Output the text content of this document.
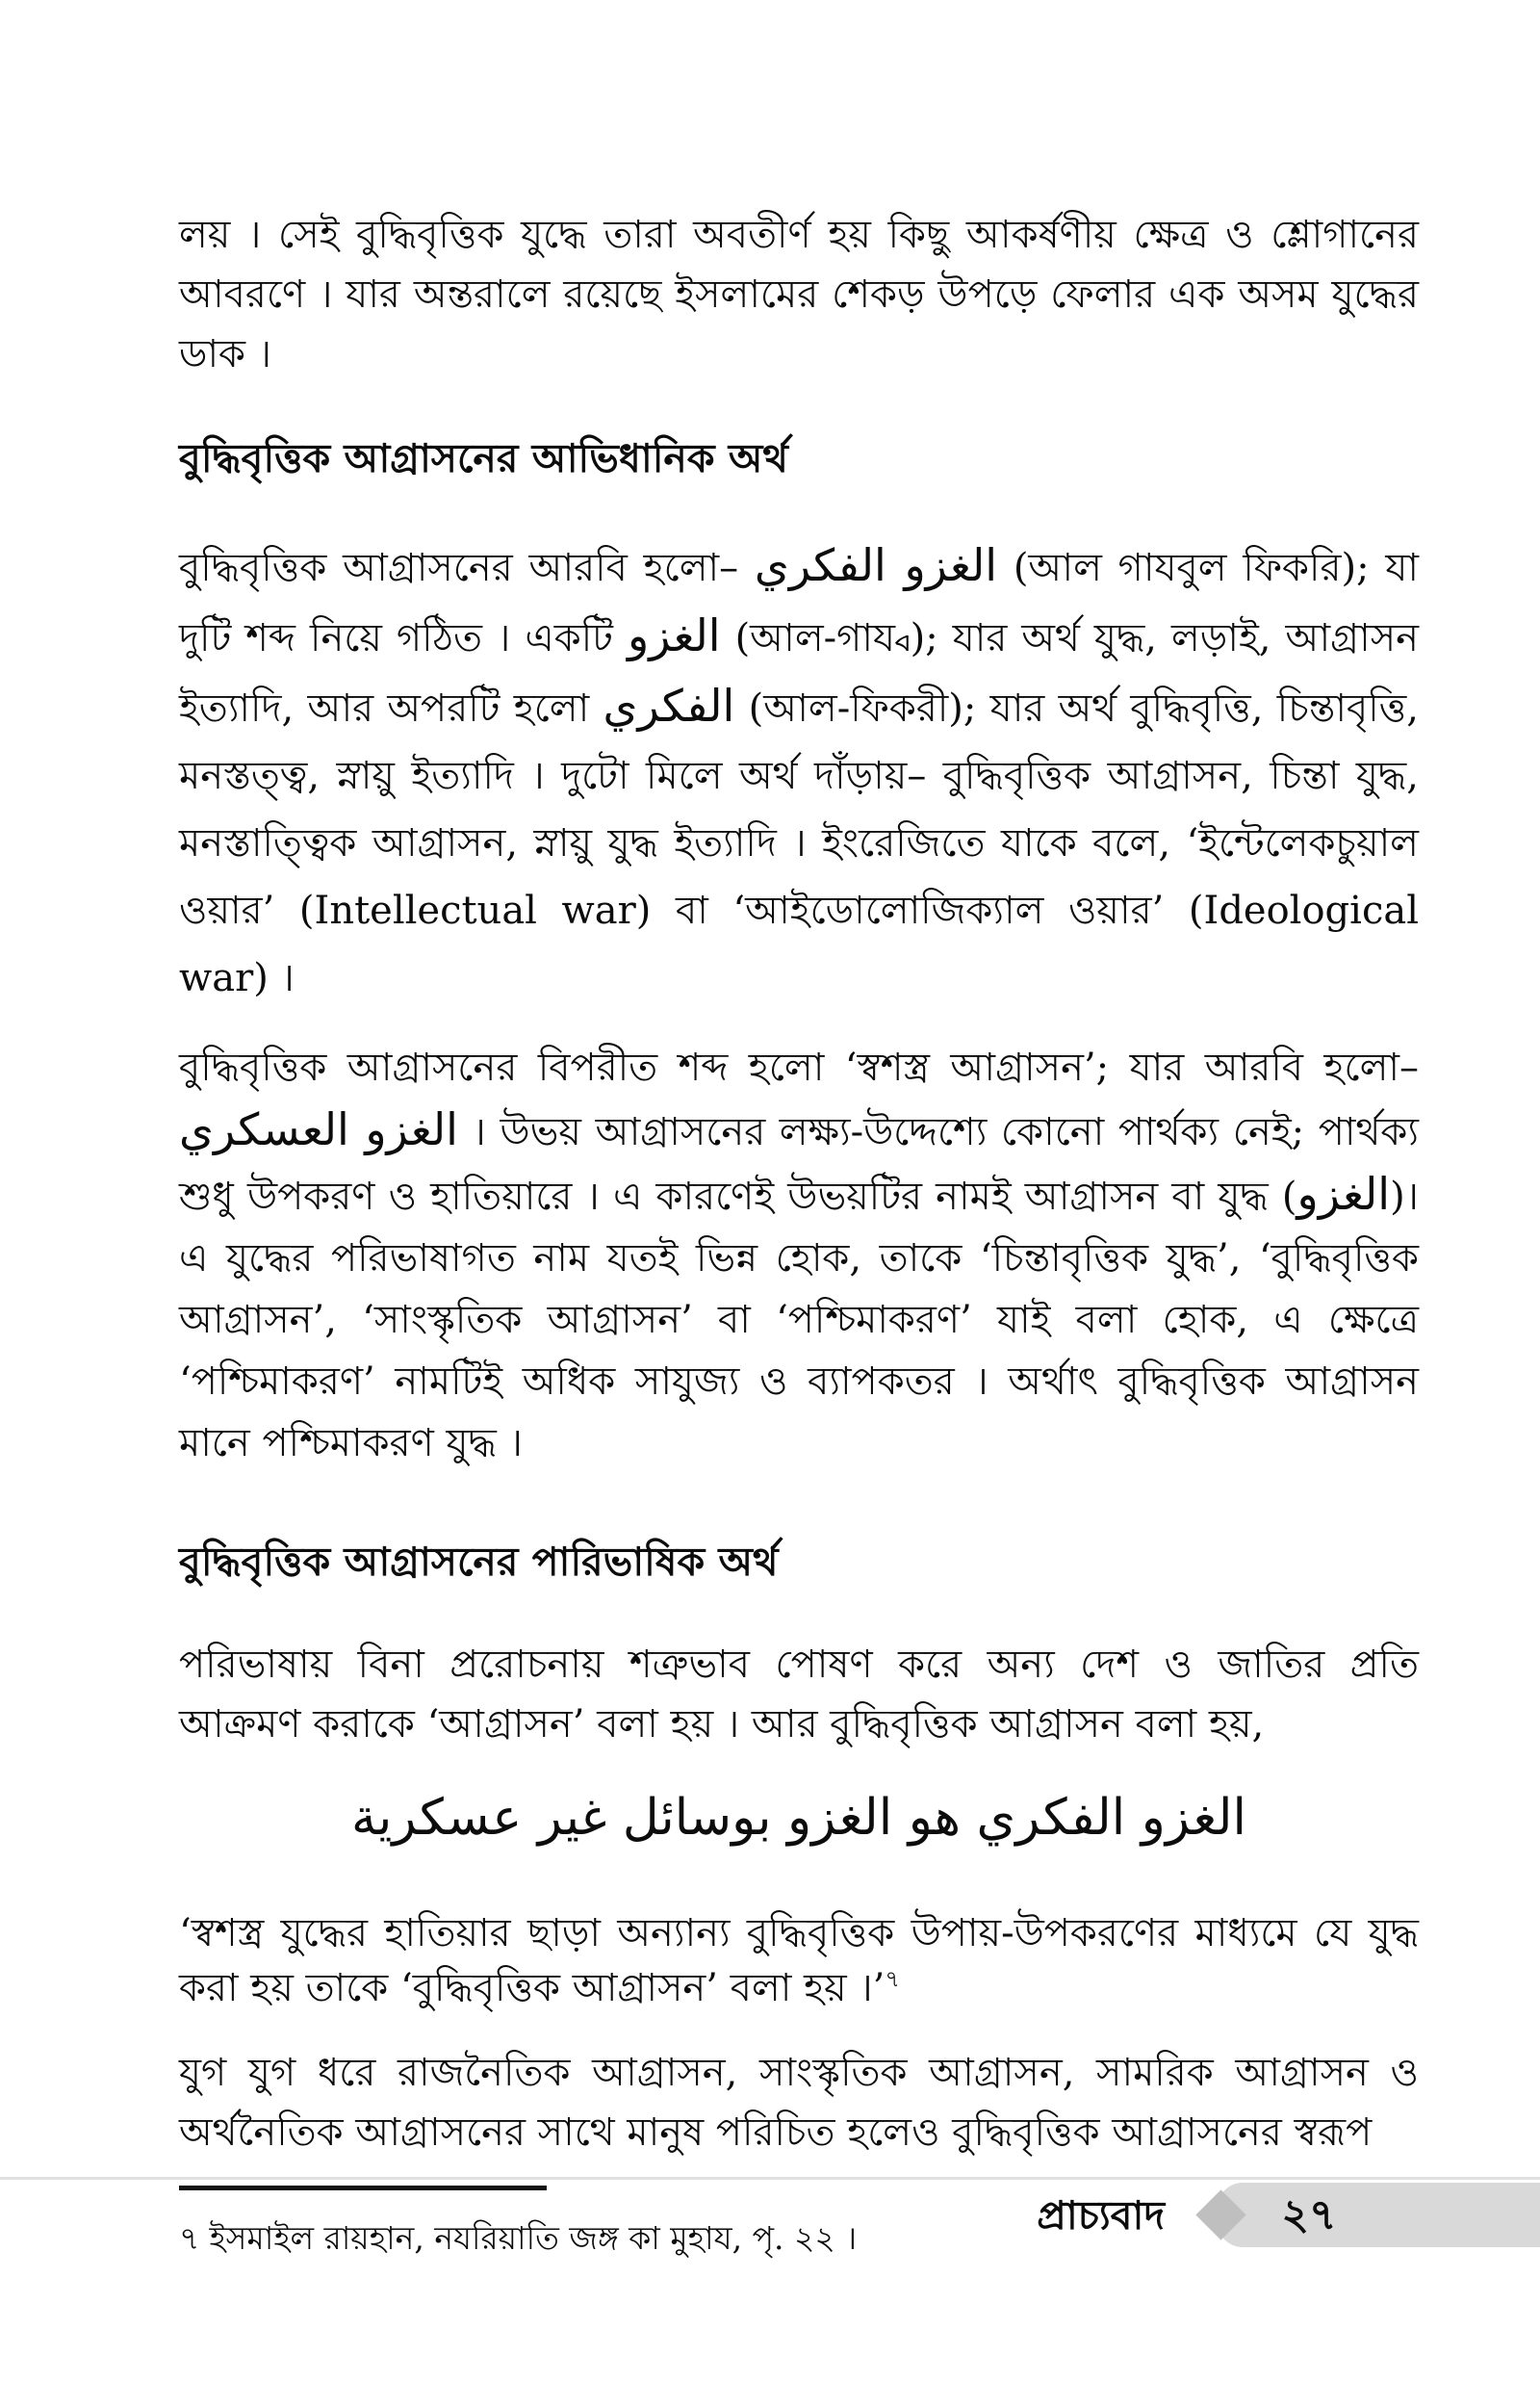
লয় । সেই বুদ্ধিবৃত্তিক যুদ্ধে তারা অবতীর্ণ হয় কিছু আকর্ষণীয় ক্ষেত্র ও শ্লোগানের আবরণে । যার অন্তরালে রয়েছে ইসলামের শেকড় উপড়ে ফেলার এক অসম যুদ্ধের ডাক ।

বুদ্ধিবৃত্তিক আগ্রাসনের আভিধানিক অর্থ

বুদ্ধিবৃত্তিক আগ্রাসনের আরবি হলো– الغزو الفكري (আল গাযবুল ফিকরি); যা দুটি শব্দ নিয়ে গঠিত । একটি الغزو (আল-গায্ব); যার অর্থ যুদ্ধ, লড়াই, আগ্রাসন ইত্যাদি, আর অপরটি হলো الفكري (আল-ফিকরী); যার অর্থ বুদ্ধিবৃত্তি, চিন্তাবৃত্তি, মনস্তত্ত্ব, স্নায়ু ইত্যাদি । দুটো মিলে অর্থ দাঁড়ায়– বুদ্ধিবৃত্তিক আগ্রাসন, চিন্তা যুদ্ধ, মনস্তাত্ত্বিক আগ্রাসন, স্নায়ু যুদ্ধ ইত্যাদি । ইংরেজিতে যাকে বলে, ‘ইন্টেলেকচুয়াল ওয়ার’ (Intellectual war) বা ‘আইডোলোজিক্যাল ওয়ার’ (Ideological war) ।

বুদ্ধিবৃত্তিক আগ্রাসনের বিপরীত শব্দ হলো ‘স্বশস্ত্র আগ্রাসন’; যার আরবি হলো– الغزو العسكري । উভয় আগ্রাসনের লক্ষ্য-উদ্দেশ্যে কোনো পার্থক্য নেই; পার্থক্য শুধু উপকরণ ও হাতিয়ারে । এ কারণেই উভয়টির নামই আগ্রাসন বা যুদ্ধ (الغزو)। এ যুদ্ধের পরিভাষাগত নাম যতই ভিন্ন হোক, তাকে ‘চিন্তাবৃত্তিক যুদ্ধ’, ‘বুদ্ধিবৃত্তিক আগ্রাসন’, ‘সাংস্কৃতিক আগ্রাসন’ বা ‘পশ্চিমাকরণ’ যাই বলা হোক, এ ক্ষেত্রে ‘পশ্চিমাকরণ’ নামটিই অধিক সাযুজ্য ও ব্যাপকতর । অর্থাৎ বুদ্ধিবৃত্তিক আগ্রাসন মানে পশ্চিমাকরণ যুদ্ধ ।

বুদ্ধিবৃত্তিক আগ্রাসনের পারিভাষিক অর্থ

পরিভাষায় বিনা প্ররোচনায় শত্রুভাব পোষণ করে অন্য দেশ ও জাতির প্রতি আক্রমণ করাকে ‘আগ্রাসন’ বলা হয় । আর বুদ্ধিবৃত্তিক আগ্রাসন বলা হয়,

الغزو الفكري هو الغزو بوسائل غير عسكرية

‘স্বশস্ত্র যুদ্ধের হাতিয়ার ছাড়া অন্যান্য বুদ্ধিবৃত্তিক উপায়-উপকরণের মাধ্যমে যে যুদ্ধ করা হয় তাকে ‘বুদ্ধিবৃত্তিক আগ্রাসন’ বলা হয় ।’$^৭$

যুগ যুগ ধরে রাজনৈতিক আগ্রাসন, সাংস্কৃতিক আগ্রাসন, সামরিক আগ্রাসন ও অর্থনৈতিক আগ্রাসনের সাথে মানুষ পরিচিত হলেও বুদ্ধিবৃত্তিক আগ্রাসনের স্বরূপ

৭ ইসমাইল রায়হান, নযরিয়াতি জঙ্গ কা মুহায, পৃ. ২২ ।	প্রাচ্যবাদ	২৭
